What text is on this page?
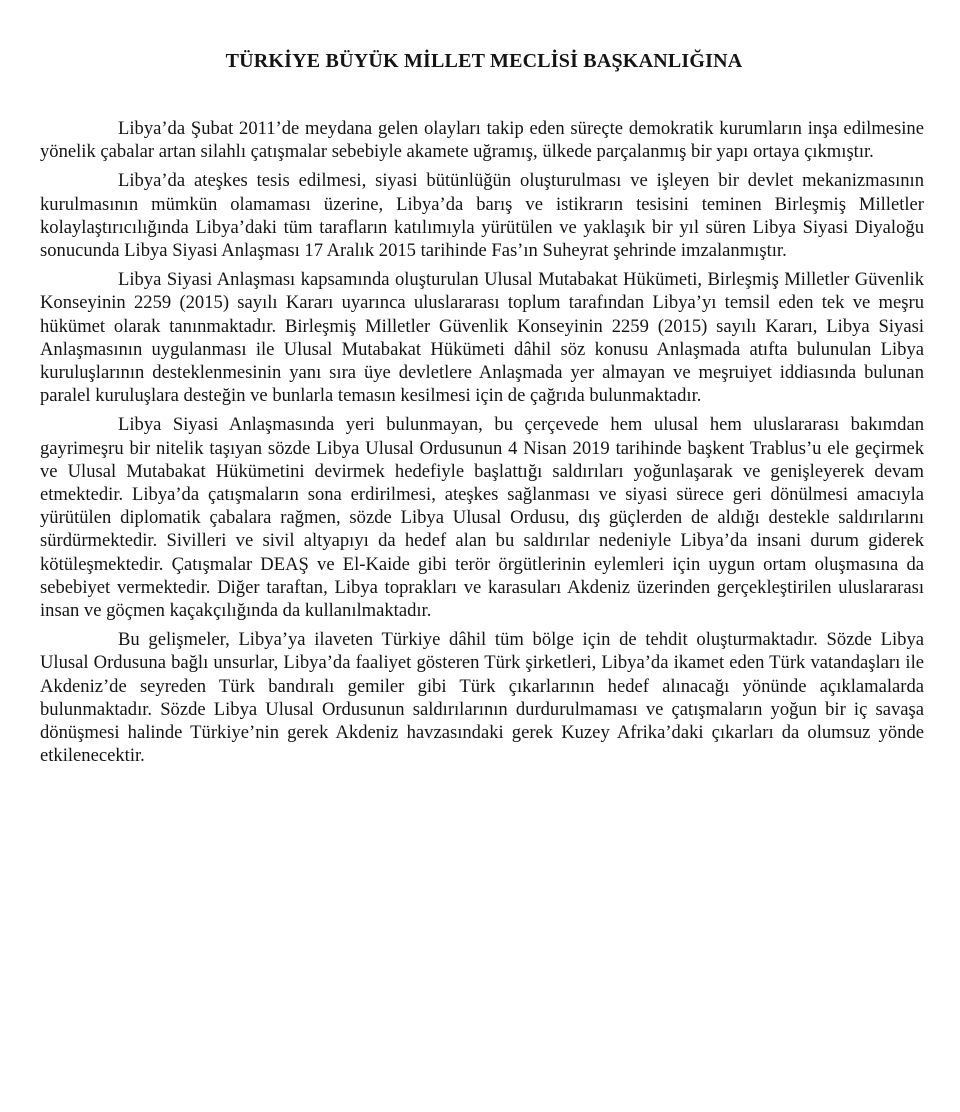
TÜRKİYE BÜYÜK MİLLET MECLİSİ BAŞKANLIĞINA

Libya’da Şubat 2011’de meydana gelen olayları takip eden süreçte demokratik kurumların inşa edilmesine yönelik çabalar artan silahlı çatışmalar sebebiyle akamete uğramış, ülkede parçalanmış bir yapı ortaya çıkmıştır.

Libya’da ateşkes tesis edilmesi, siyasi bütünlüğün oluşturulması ve işleyen bir devlet mekanizmasının kurulmasının mümkün olamaması üzerine, Libya’da barış ve istikrarın tesisini teminen Birleşmiş Milletler kolaylaştırıcılığında Libya’daki tüm tarafların katılımıyla yürütülen ve yaklaşık bir yıl süren Libya Siyasi Diyaloğu sonucunda Libya Siyasi Anlaşması 17 Aralık 2015 tarihinde Fas’ın Suheyrat şehrinde imzalanmıştır.

Libya Siyasi Anlaşması kapsamında oluşturulan Ulusal Mutabakat Hükümeti, Birleşmiş Milletler Güvenlik Konseyinin 2259 (2015) sayılı Kararı uyarınca uluslararası toplum tarafından Libya’yı temsil eden tek ve meşru hükümet olarak tanınmaktadır. Birleşmiş Milletler Güvenlik Konseyinin 2259 (2015) sayılı Kararı, Libya Siyasi Anlaşmasının uygulanması ile Ulusal Mutabakat Hükümeti dâhil söz konusu Anlaşmada atıfta bulunulan Libya kuruluşlarının desteklenmesinin yanı sıra üye devletlere Anlaşmada yer almayan ve meşruiyet iddiasında bulunan paralel kuruluşlara desteğin ve bunlarla temasın kesilmesi için de çağrıda bulunmaktadır.

Libya Siyasi Anlaşmasında yeri bulunmayan, bu çerçevede hem ulusal hem uluslararası bakımdan gayrimeşru bir nitelik taşıyan sözde Libya Ulusal Ordusunun 4 Nisan 2019 tarihinde başkent Trablus’u ele geçirmek ve Ulusal Mutabakat Hükümetini devirmek hedefiyle başlattığı saldırıları yoğunlaşarak ve genişleyerek devam etmektedir. Libya’da çatışmaların sona erdirilmesi, ateşkes sağlanması ve siyasi sürece geri dönülmesi amacıyla yürütülen diplomatik çabalara rağmen, sözde Libya Ulusal Ordusu, dış güçlerden de aldığı destekle saldırılarını sürdürmektedir. Sivilleri ve sivil altyapıyı da hedef alan bu saldırılar nedeniyle Libya’da insani durum giderek kötüleşmektedir. Çatışmalar DEAŞ ve El-Kaide gibi terör örgütlerinin eylemleri için uygun ortam oluşmasına da sebebiyet vermektedir. Diğer taraftan, Libya toprakları ve karasuları Akdeniz üzerinden gerçekleştirilen uluslararası insan ve göçmen kaçakçılığında da kullanılmaktadır.

Bu gelişmeler, Libya’ya ilaveten Türkiye dâhil tüm bölge için de tehdit oluşturmaktadır. Sözde Libya Ulusal Ordusuna bağlı unsurlar, Libya’da faaliyet gösteren Türk şirketleri, Libya’da ikamet eden Türk vatandaşları ile Akdeniz’de seyreden Türk bandıralı gemiler gibi Türk çıkarlarının hedef alınacağı yönünde açıklamalarda bulunmaktadır. Sözde Libya Ulusal Ordusunun saldırılarının durdurulmaması ve çatışmaların yoğun bir iç savaşa dönüşmesi halinde Türkiye’nin gerek Akdeniz havzasındaki gerek Kuzey Afrika’daki çıkarları da olumsuz yönde etkilenecektir.
